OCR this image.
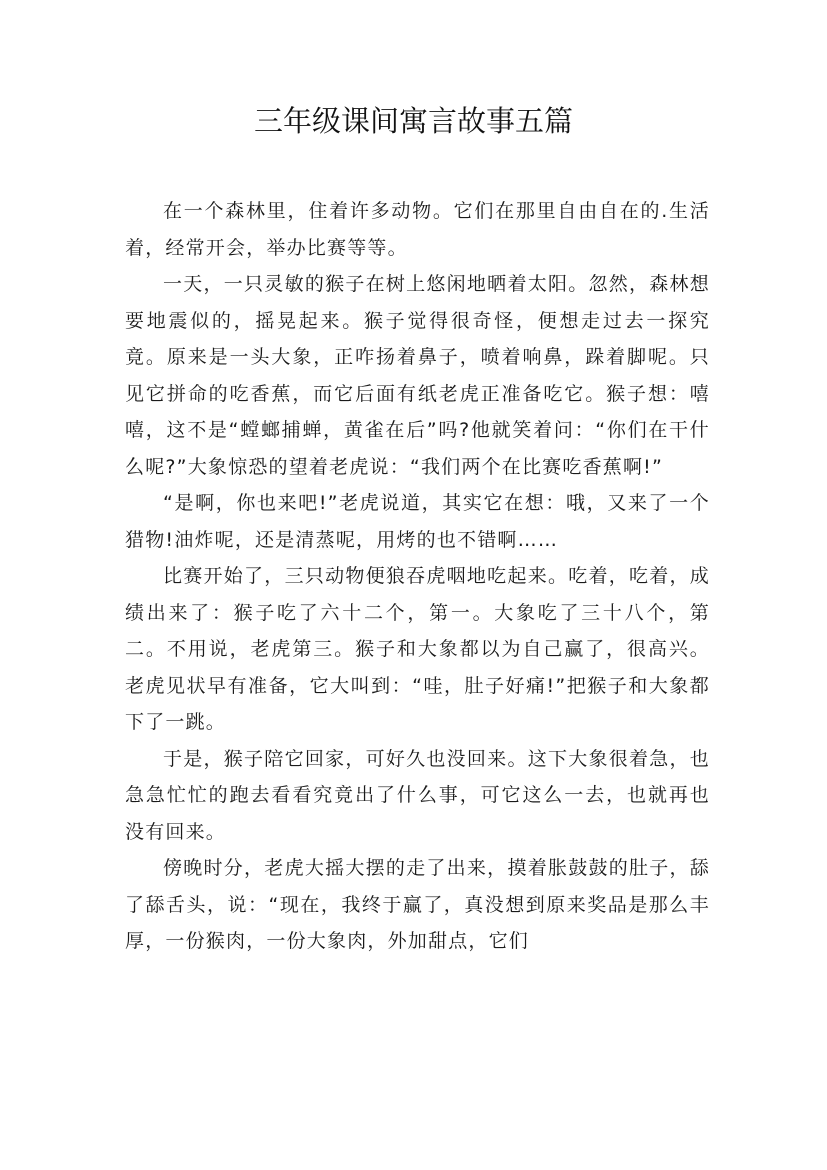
三年级课间寓言故事五篇

在一个森林里，住着许多动物。它们在那里自由自在的.生活着，经常开会，举办比赛等等。

一天，一只灵敏的猴子在树上悠闲地晒着太阳。忽然，森林想要地震似的，摇晃起来。猴子觉得很奇怪，便想走过去一探究竟。原来是一头大象，正咋扬着鼻子，喷着响鼻，跺着脚呢。只见它拼命的吃香蕉，而它后面有纸老虎正准备吃它。猴子想：嘻嘻，这不是“螳螂捕蝉，黄雀在后”吗?他就笑着问：“你们在干什么呢?”大象惊恐的望着老虎说：“我们两个在比赛吃香蕉啊!”

“是啊，你也来吧!”老虎说道，其实它在想：哦，又来了一个猎物!油炸呢，还是清蒸呢，用烤的也不错啊……

比赛开始了，三只动物便狼吞虎咽地吃起来。吃着，吃着，成绩出来了：猴子吃了六十二个，第一。大象吃了三十八个，第二。不用说，老虎第三。猴子和大象都以为自己赢了，很高兴。老虎见状早有准备，它大叫到：“哇，肚子好痛!”把猴子和大象都下了一跳。

于是，猴子陪它回家，可好久也没回来。这下大象很着急，也急急忙忙的跑去看看究竟出了什么事，可它这么一去，也就再也没有回来。

傍晚时分，老虎大摇大摆的走了出来，摸着胀鼓鼓的肚子，舔了舔舌头，说：“现在，我终于赢了，真没想到原来奖品是那么丰厚，一份猴肉，一份大象肉，外加甜点，它们
